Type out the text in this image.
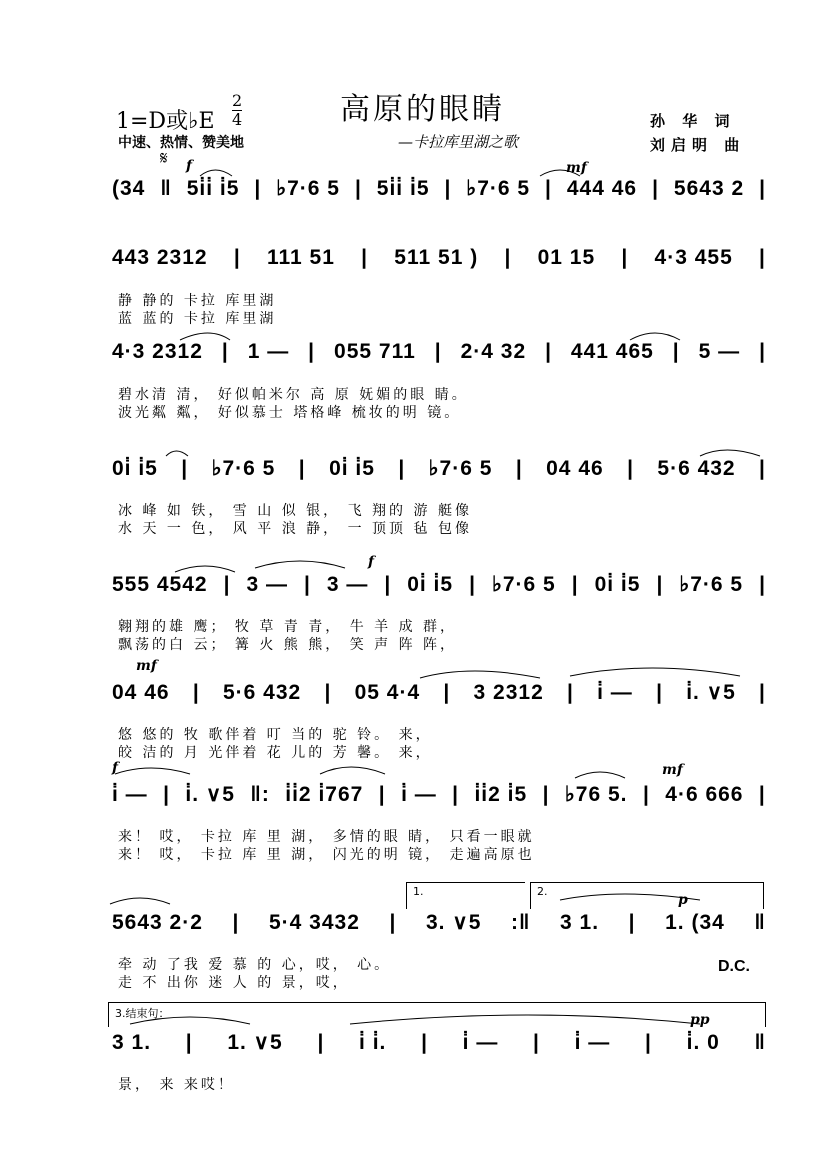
高原的眼睛
—卡拉库里湖之歌
孙 华 词
刘启明 曲
1=D或♭E
2
4
中速、热情、赞美地
𝄋 f	mf
mf
f
f	mf
p
pp
1.	2.
3.结束句：
D.C.
(34 ‖ 5i̇i̇ i̇5 | ♭7·6 5 | 5i̇i̇ i̇5 | ♭7·6 5 | 444 46 | 5643 2 |
443 2312 | 111 51 | 511 51 ) | 01 15 | 4·3 455 |
静 静的 卡拉 库里湖
蓝 蓝的 卡拉 库里湖
4·3 2312 | 1 — | 055 711 | 2·4 32 | 441 465 | 5 — |
碧水清 清， 好似帕米尔 高 原 妩媚的眼 睛。
波光粼 粼， 好似慕士 塔格峰 梳妆的明 镜。
0i̇ i̇5 | ♭7·6 5 | 0i̇ i̇5 | ♭7·6 5 | 04 46 | 5·6 432 |
冰 峰 如 铁， 雪 山 似 银， 飞 翔的 游 艇像
水 天 一 色， 风 平 浪 静， 一 顶顶 毡 包像
555 4542 | 3 — | 3 — | 0i̇ i̇5 | ♭7·6 5 | 0i̇ i̇5 | ♭7·6 5 |
翱翔的雄 鹰； 牧 草 青 青， 牛 羊 成 群，
飘荡的白 云； 篝 火 熊 熊， 笑 声 阵 阵，
04 46 | 5·6 432 | 05 4·4 | 3 2312 | i̇ — | i̇. ∨5 |
悠 悠的 牧 歌伴着 叮 当的 驼 铃。 来，
皎 洁的 月 光伴着 花 儿的 芳 馨。 来，
i̇ — | i̇. ∨5 ‖: i̇i̇2 i̇767 | i̇ — | i̇i̇2 i̇5 | ♭76 5. | 4·6 666 |
来！ 哎， 卡拉 库 里 湖， 多情的眼 睛， 只看一眼就
来！ 哎， 卡拉 库 里 湖， 闪光的明 镜， 走遍高原也
5643 2·2 | 5·4 3432 | 3. ∨5 :‖ 3 1. | 1. (34 ‖
牵 动 了我 爱 慕 的 心，哎， 心。
走 不 出你 迷 人 的 景，哎，
3 1. | 1. ∨5 | i̇ i̇. | i̇ — | i̇ — | i̇. 0 ‖
景， 来 来哎！
